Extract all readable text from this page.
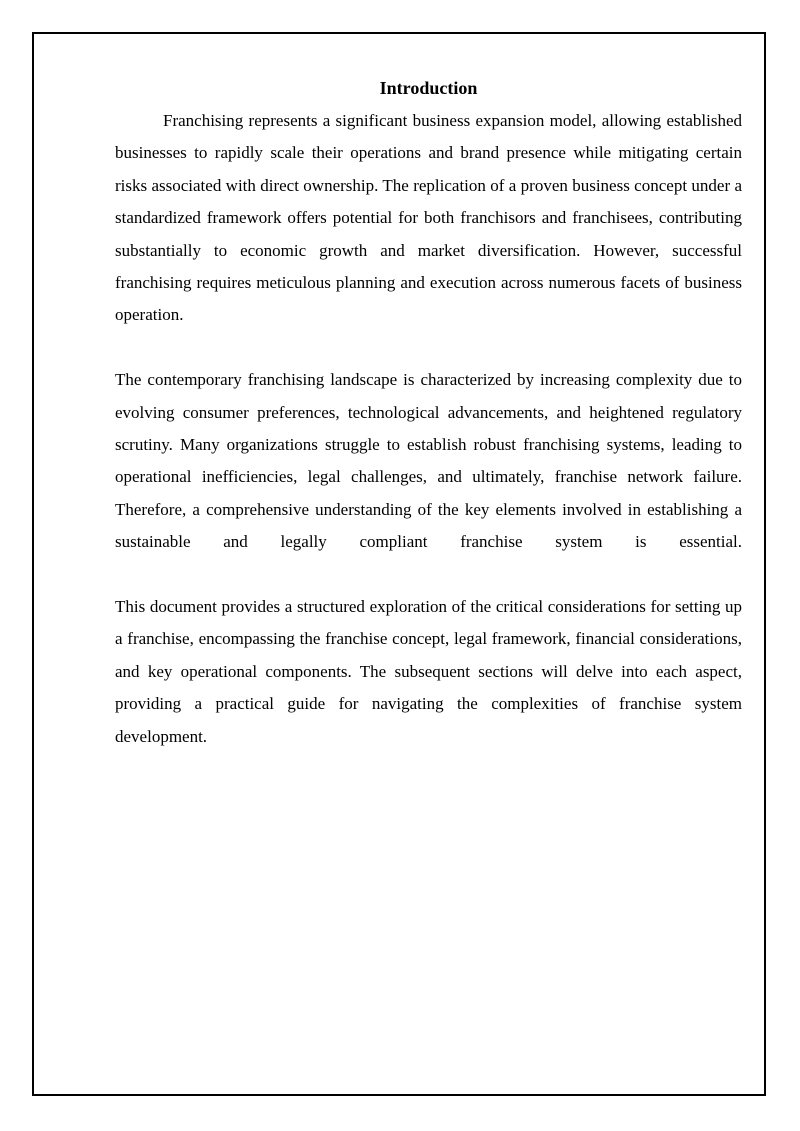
Introduction

Franchising represents a significant business expansion model, allowing established businesses to rapidly scale their operations and brand presence while mitigating certain risks associated with direct ownership. The replication of a proven business concept under a standardized framework offers potential for both franchisors and franchisees, contributing substantially to economic growth and market diversification. However, successful franchising requires meticulous planning and execution across numerous facets of business operation.

The contemporary franchising landscape is characterized by increasing complexity due to evolving consumer preferences, technological advancements, and heightened regulatory scrutiny. Many organizations struggle to establish robust franchising systems, leading to operational inefficiencies, legal challenges, and ultimately, franchise network failure. Therefore, a comprehensive understanding of the key elements involved in establishing a sustainable and legally compliant franchise system is essential.

This document provides a structured exploration of the critical considerations for setting up a franchise, encompassing the franchise concept, legal framework, financial considerations, and key operational components. The subsequent sections will delve into each aspect, providing a practical guide for navigating the complexities of franchise system development.
